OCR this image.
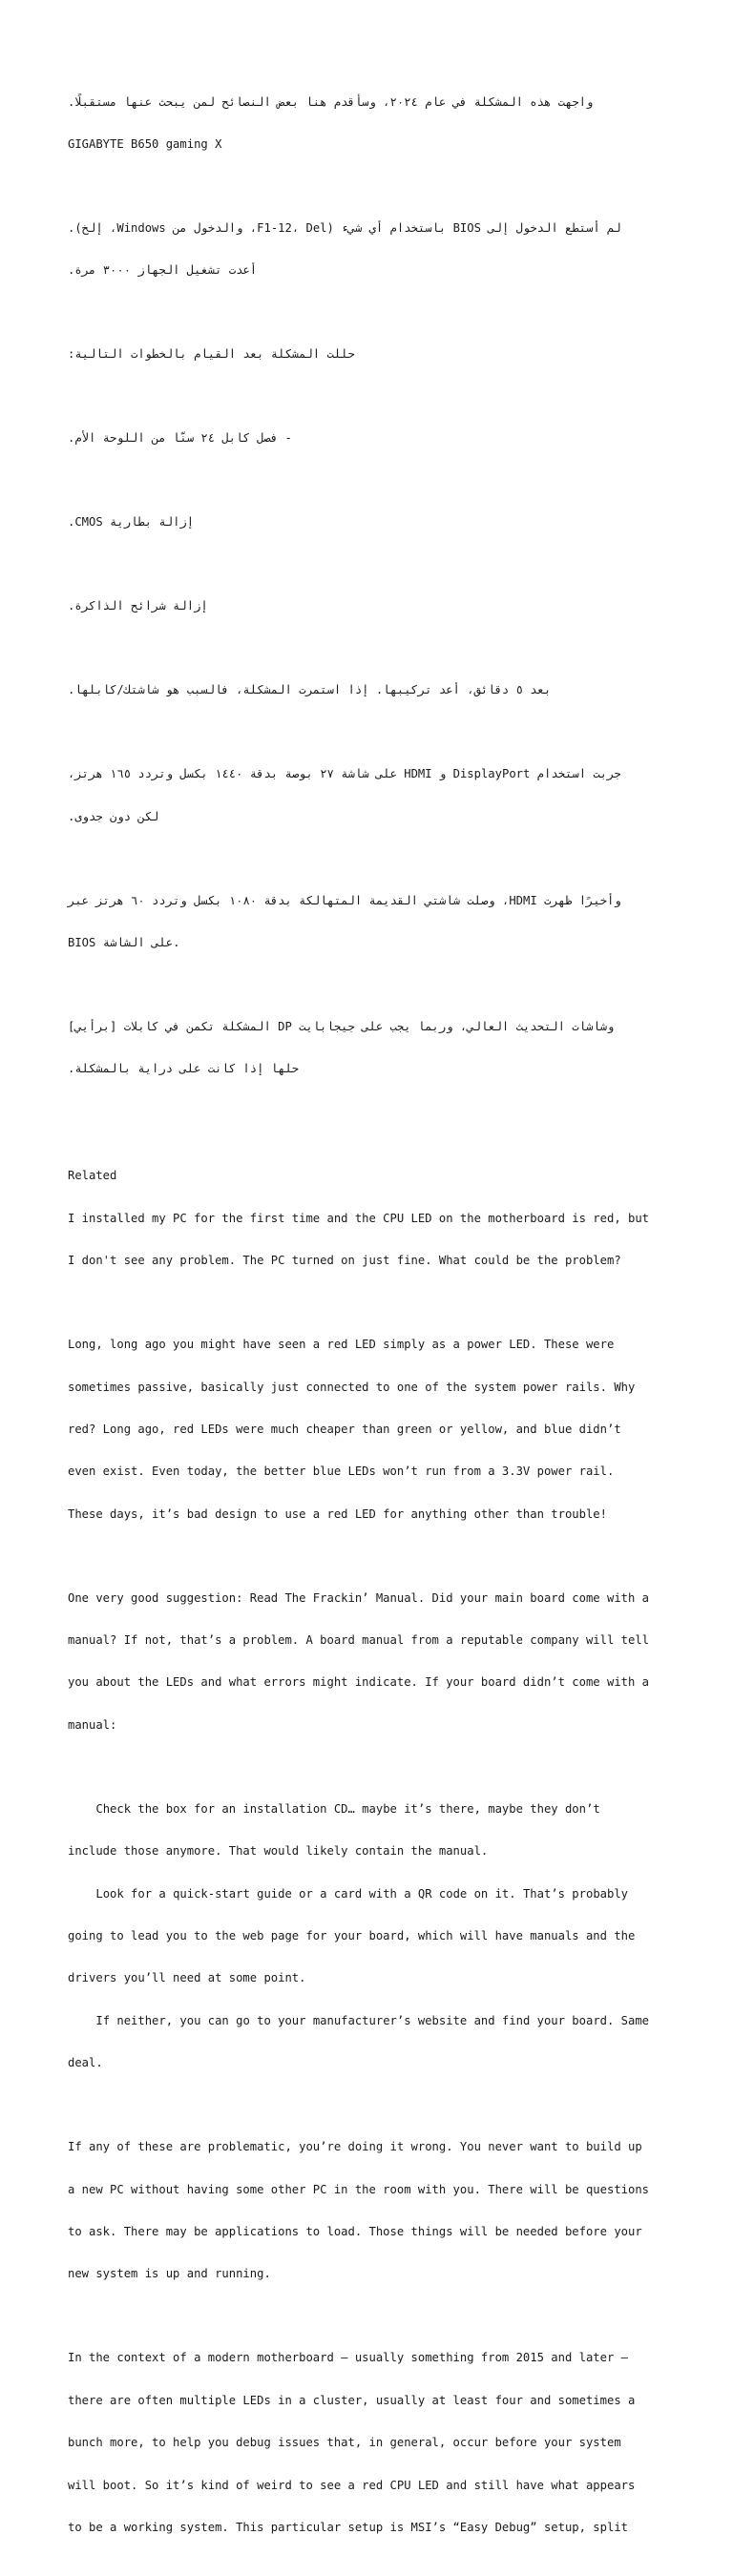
واجهت هذه المشكلة في عام ٢٠٢٤، وسأقدم هنا بعض النصائح لمن يبحث عنها مستقبلًا.

GIGABYTE B650 gaming X

لم أستطع الدخول إلى BIOS باستخدام أي شيء (F1-12، Del، والدخول من Windows، إلخ).

أعدت تشغيل الجهاز ٣٠٠٠ مرة.

حللت المشكلة بعد القيام بالخطوات التالية:

- فصل كابل ٢٤ سنّا من اللوحة الأم.

إزالة بطارية CMOS.

إزالة شرائح الذاكرة.

بعد ٥ دقائق، أعد تركيبها. إذا استمرت المشكلة، فالسبب هو شاشتك/كابلها.

جربت استخدام DisplayPort و HDMI على شاشة ٢٧ بوصة بدقة ١٤٤٠ بكسل وتردد ١٦٥ هرتز،

لكن دون جدوى.

وأخيرًا ظهرت HDMI، وصلت شاشتي القديمة المتهالكة بدقة ١٠٨٠ بكسل وتردد ٦٠ هرتز عبر

BIOS على الشاشة.

وشاشات التحديث العالي، وربما يجب على جيجابايت DP المشكلة تكمن في كابلات [برأيي]

حلها إذا كانت على دراية بالمشكلة.

Related

I installed my PC for the first time and the CPU LED on the motherboard is red, but

I don't see any problem. The PC turned on just fine. What could be the problem?

Long, long ago you might have seen a red LED simply as a power LED. These were

sometimes passive, basically just connected to one of the system power rails. Why

red? Long ago, red LEDs were much cheaper than green or yellow, and blue didn’t

even exist. Even today, the better blue LEDs won’t run from a 3.3V power rail.

These days, it’s bad design to use a red LED for anything other than trouble!

One very good suggestion: Read The Frackin’ Manual. Did your main board come with a

manual? If not, that’s a problem. A board manual from a reputable company will tell

you about the LEDs and what errors might indicate. If your board didn’t come with a

manual:

Check the box for an installation CD… maybe it’s there, maybe they don’t

include those anymore. That would likely contain the manual.

Look for a quick-start guide or a card with a QR code on it. That’s probably

going to lead you to the web page for your board, which will have manuals and the

drivers you’ll need at some point.

If neither, you can go to your manufacturer’s website and find your board. Same

deal.

If any of these are problematic, you’re doing it wrong. You never want to build up

a new PC without having some other PC in the room with you. There will be questions

to ask. There may be applications to load. Those things will be needed before your

new system is up and running.

In the context of a modern motherboard — usually something from 2015 and later —

there are often multiple LEDs in a cluster, usually at least four and sometimes a

bunch more, to help you debug issues that, in general, occur before your system

will boot. So it’s kind of weird to see a red CPU LED and still have what appears

to be a working system. This particular setup is MSI’s “Easy Debug” setup, split
